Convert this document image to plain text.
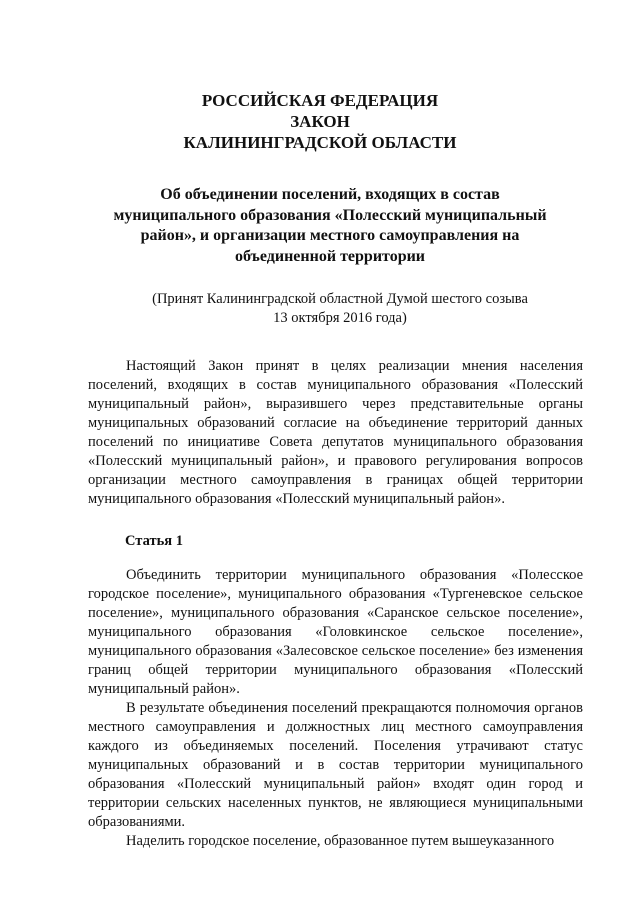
РОССИЙСКАЯ ФЕДЕРАЦИЯ
ЗАКОН
КАЛИНИНГРАДСКОЙ ОБЛАСТИ
Об объединении поселений, входящих в состав
муниципального образования «Полесский муниципальный
район», и организации местного самоуправления на
объединенной территории
(Принят Калининградской областной Думой шестого созыва
13 октября 2016 года)

Настоящий Закон принят в целях реализации мнения населения поселений, входящих в состав муниципального образования «Полесский муниципальный район», выразившего через представительные органы муниципальных образований согласие на объединение территорий данных поселений по инициативе Совета депутатов муниципального образования «Полесский муниципальный район», и правового регулирования вопросов организации местного самоуправления в границах общей территории муниципального образования «Полесский муниципальный район».

Статья 1

Объединить территории муниципального образования «Полесское городское поселение», муниципального образования «Тургеневское сельское поселение», муниципального образования «Саранское сельское поселение», муниципального образования «Головкинское сельское поселение», муниципального образования «Залесовское сельское поселение» без изменения границ общей территории муниципального образования «Полесский муниципальный район».

В результате объединения поселений прекращаются полномочия органов местного самоуправления и должностных лиц местного самоуправления каждого из объединяемых поселений. Поселения утрачивают статус муниципальных образований и в состав территории муниципального образования «Полесский муниципальный район» входят один город и территории сельских населенных пунктов, не являющиеся муниципальными образованиями.

Наделить городское поселение, образованное путем вышеуказанного
